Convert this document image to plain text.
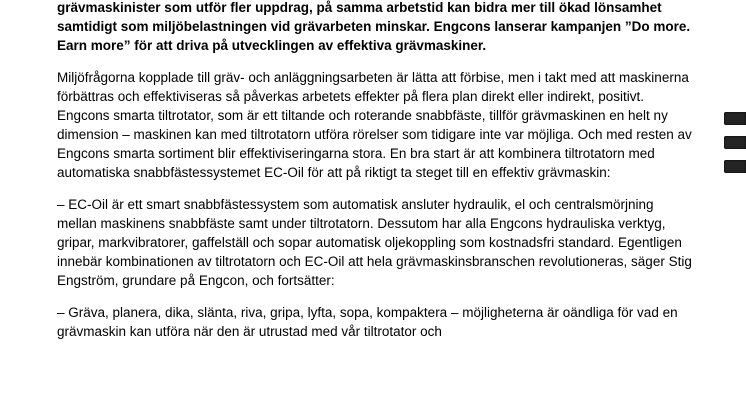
grävmaskinister som utför fler uppdrag, på samma arbetstid kan bidra mer till ökad lönsamhet samtidigt som miljöbelastningen vid grävarbeten minskar. Engcons lanserar kampanjen ”Do more. Earn more” för att driva på utvecklingen av effektiva grävmaskiner.

Miljöfrågorna kopplade till gräv- och anläggningsarbeten är lätta att förbise, men i takt med att maskinerna förbättras och effektiviseras så påverkas arbetets effekter på flera plan direkt eller indirekt, positivt. Engcons smarta tiltrotator, som är ett tiltande och roterande snabbfäste, tillför grävmaskinen en helt ny dimension – maskinen kan med tiltrotatorn utföra rörelser som tidigare inte var möjliga. Och med resten av Engcons smarta sortiment blir effektiviseringarna stora. En bra start är att kombinera tiltrotatorn med automatiska snabbfästessystemet EC-Oil för att på riktigt ta steget till en effektiv grävmaskin:

– EC-Oil är ett smart snabbfästessystem som automatisk ansluter hydraulik, el och centralsmörjning mellan maskinens snabbfäste samt under tiltrotatorn. Dessutom har alla Engcons hydrauliska verktyg, gripar, markvibratorer, gaffelställ och sopar automatisk oljekoppling som kostnadsfri standard. Egentligen innebär kombinationen av tiltrotatorn och EC-Oil att hela grävmaskinsbranschen revolutioneras, säger Stig Engström, grundare på Engcon, och fortsätter:

– Gräva, planera, dika, slänta, riva, gripa, lyfta, sopa, kompaktera – möjligheterna är oändliga för vad en grävmaskin kan utföra när den är utrustad med vår tiltrotator och
